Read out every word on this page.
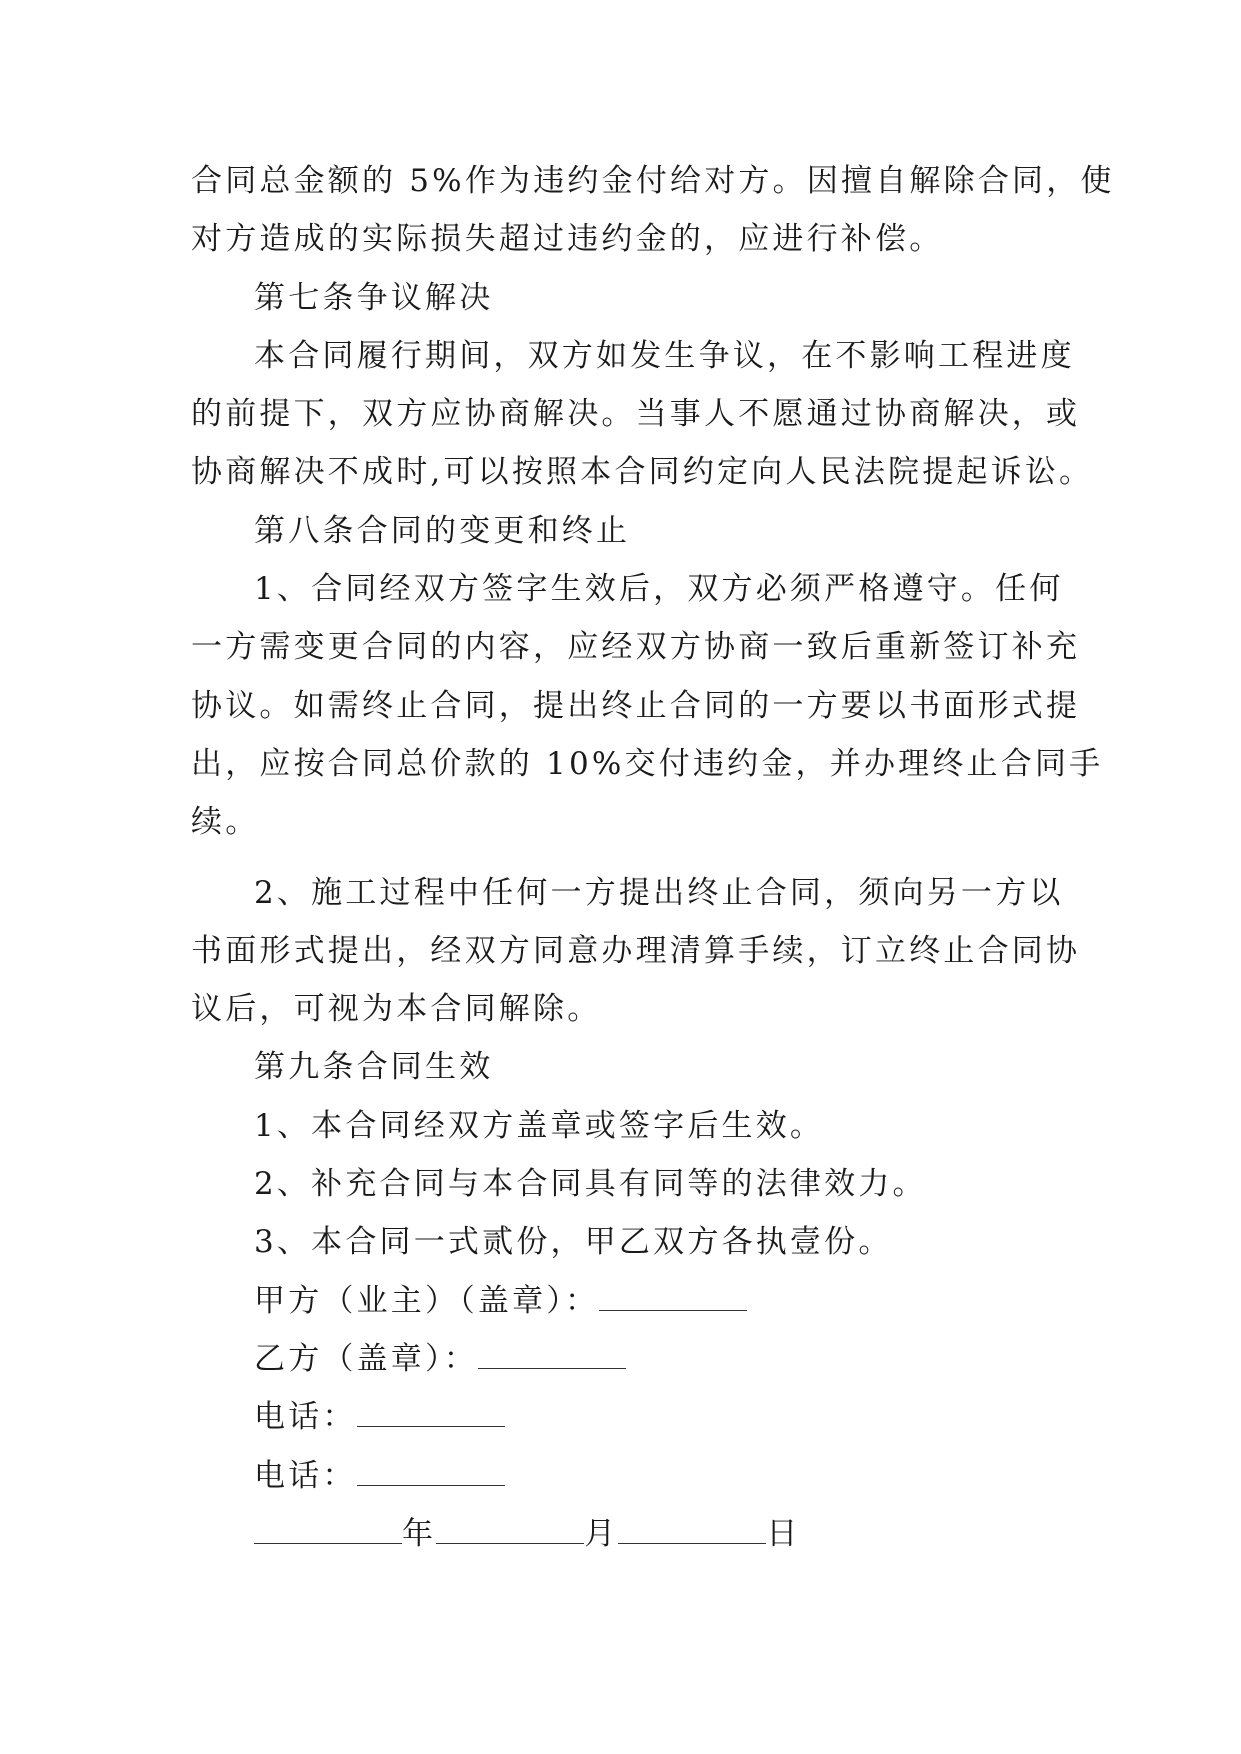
合同总金额的 5%作为违约金付给对方。因擅自解除合同，使

对方造成的实际损失超过违约金的，应进行补偿。

第七条争议解决

本合同履行期间，双方如发生争议，在不影响工程进度

的前提下，双方应协商解决。当事人不愿通过协商解决，或

协商解决不成时,可以按照本合同约定向人民法院提起诉讼。

第八条合同的变更和终止

1、合同经双方签字生效后，双方必须严格遵守。任何

一方需变更合同的内容，应经双方协商一致后重新签订补充

协议。如需终止合同，提出终止合同的一方要以书面形式提

出，应按合同总价款的 10%交付违约金，并办理终止合同手

续。

2、施工过程中任何一方提出终止合同，须向另一方以

书面形式提出，经双方同意办理清算手续，订立终止合同协

议后，可视为本合同解除。

第九条合同生效

1、本合同经双方盖章或签字后生效。

2、补充合同与本合同具有同等的法律效力。

3、本合同一式贰份，甲乙双方各执壹份。

甲方（业主）（盖章）：

乙方（盖章）：

电话：

电话：

年	月	日
